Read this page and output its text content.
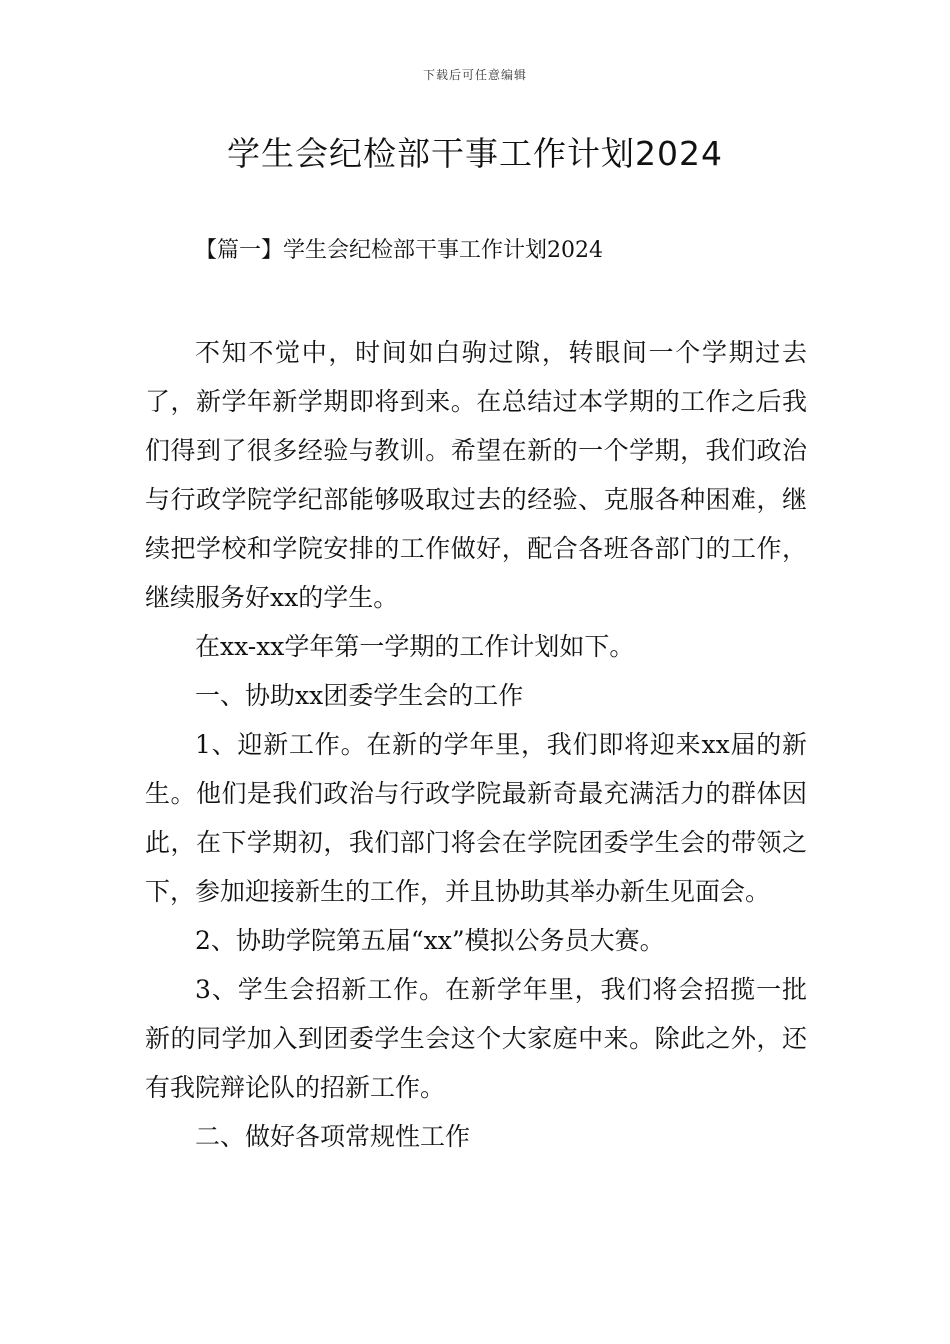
下载后可任意编辑
学生会纪检部干事工作计划2024
【篇一】学生会纪检部干事工作计划2024

不知不觉中，时间如白驹过隙，转眼间一个学期过去了，新学年新学期即将到来。在总结过本学期的工作之后我们得到了很多经验与教训。希望在新的一个学期，我们政治与行政学院学纪部能够吸取过去的经验、克服各种困难，继续把学校和学院安排的工作做好，配合各班各部门的工作，继续服务好xx的学生。

在xx-xx学年第一学期的工作计划如下。

一、协助xx团委学生会的工作

1、迎新工作。在新的学年里，我们即将迎来xx届的新生。他们是我们政治与行政学院最新奇最充满活力的群体因此，在下学期初，我们部门将会在学院团委学生会的带领之下，参加迎接新生的工作，并且协助其举办新生见面会。

2、协助学院第五届“xx”模拟公务员大赛。

3、学生会招新工作。在新学年里，我们将会招揽一批新的同学加入到团委学生会这个大家庭中来。除此之外，还有我院辩论队的招新工作。

二、做好各项常规性工作
